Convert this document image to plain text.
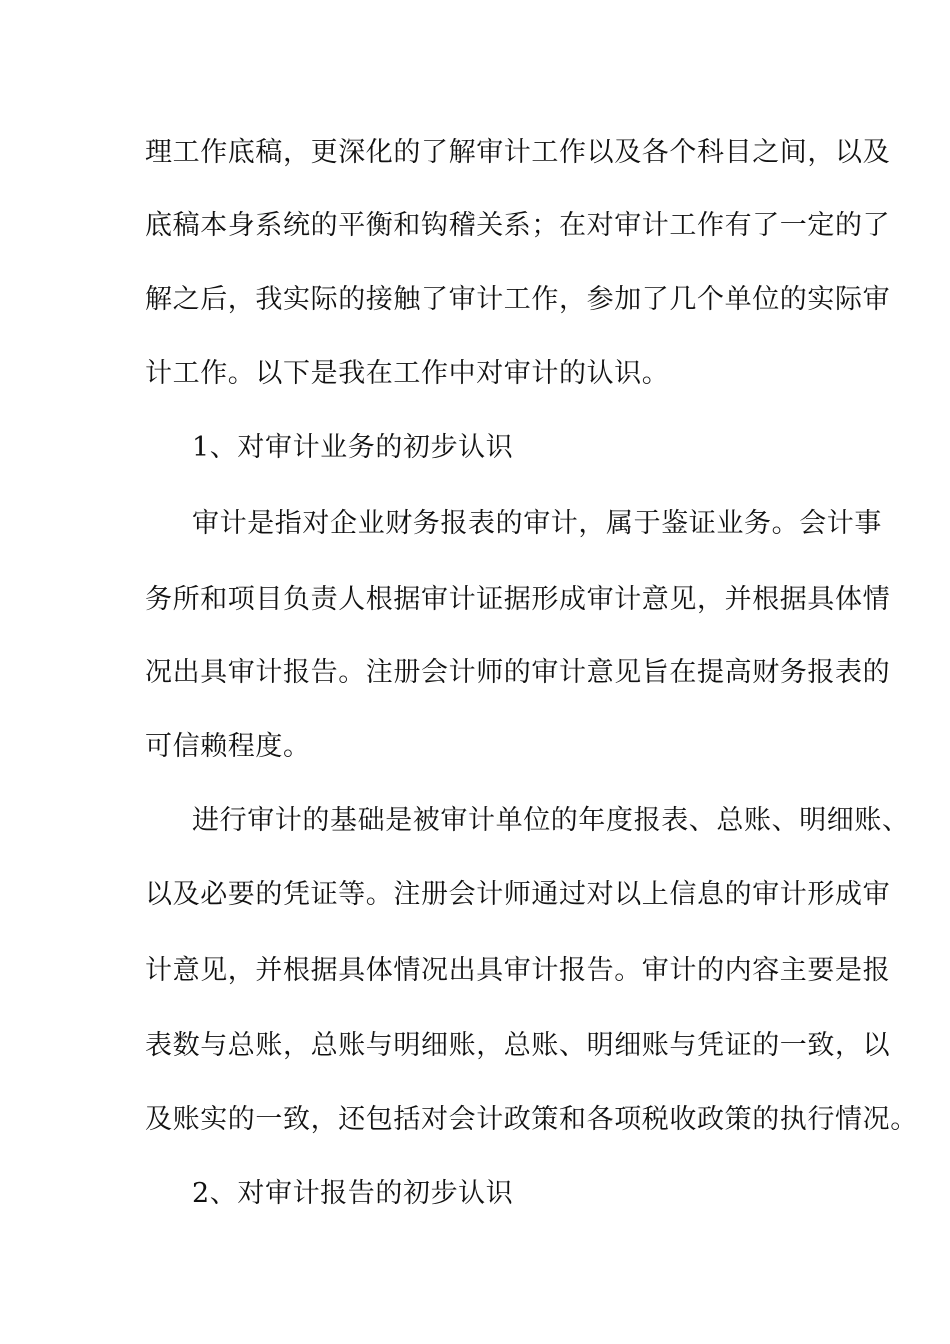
理工作底稿，更深化的了解审计工作以及各个科目之间，以及
底稿本身系统的平衡和钩稽关系；在对审计工作有了一定的了
解之后，我实际的接触了审计工作，参加了几个单位的实际审
计工作。以下是我在工作中对审计的认识。
1、对审计业务的初步认识
审计是指对企业财务报表的审计，属于鉴证业务。会计事
务所和项目负责人根据审计证据形成审计意见，并根据具体情
况出具审计报告。注册会计师的审计意见旨在提高财务报表的
可信赖程度。
进行审计的基础是被审计单位的年度报表、总账、明细账、
以及必要的凭证等。注册会计师通过对以上信息的审计形成审
计意见，并根据具体情况出具审计报告。审计的内容主要是报
表数与总账，总账与明细账，总账、明细账与凭证的一致，以
及账实的一致，还包括对会计政策和各项税收政策的执行情况。
2、对审计报告的初步认识
